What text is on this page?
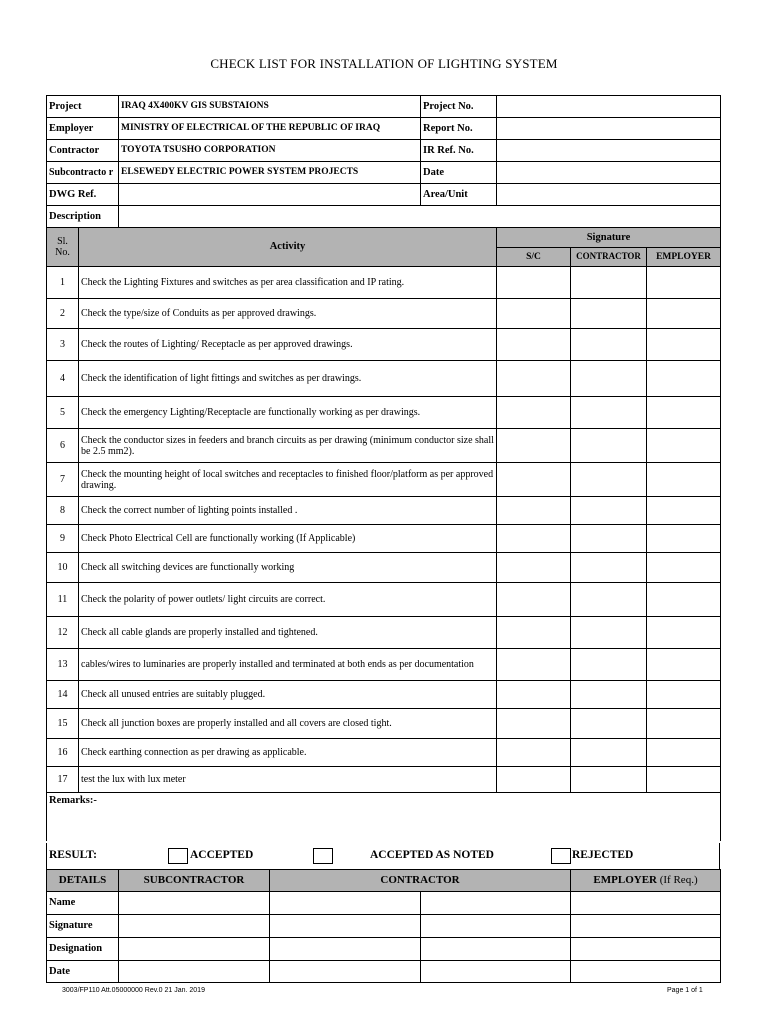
CHECK LIST FOR INSTALLATION OF LIGHTING SYSTEM
Project	IRAQ 4X400KV GIS SUBSTAIONS	Project No.	
Employer	MINISTRY OF ELECTRICAL OF THE REPUBLIC OF IRAQ	Report No.	
Contractor	TOYOTA TSUSHO CORPORATION	IR Ref. No.	
Subcontracto r	ELSEWEDY ELECTRIC POWER SYSTEM PROJECTS	Date	
DWG Ref.		Area/Unit	
Description			
Sl. No.	Activity	Signature		
		S/C	CONTRACTOR	EMPLOYER
1	Check the Lighting Fixtures and switches as per area classification and IP rating.			
2	Check the type/size of Conduits as per approved drawings.			
3	Check the routes of Lighting/ Receptacle as per approved drawings.			
4	Check the identification of light fittings and switches as per drawings.			
5	Check the emergency Lighting/Receptacle are functionally working as per drawings.			
6	Check the conductor sizes in feeders and branch circuits as per drawing (minimum conductor size shall be 2.5 mm2).			
7	Check the mounting height of local switches and receptacles to finished floor/platform as per approved drawing.			
8	Check the correct number of lighting points installed .			
9	Check Photo Electrical Cell are functionally working (If Applicable)			
10	Check all switching devices are functionally working			
11	Check the polarity of power outlets/ light circuits are correct.			
12	Check all cable glands are properly installed and tightened.			
13	cables/wires to luminaries are properly installed and terminated at both ends as per documentation			
14	Check all unused entries are suitably plugged.			
15	Check all junction boxes are properly installed and all covers are closed tight.			
16	Check earthing connection as per drawing as applicable.			
17	test the lux with lux meter			
Remarks:-				
RESULT:	ACCEPTED	ACCEPTED AS NOTED	REJECTED
DETAILS	SUBCONTRACTOR	CONTRACTOR		EMPLOYER (If Req.)
Name				
Signature				
Designation				
Date				
3003/FP110 Att.05000000 Rev.0 21 Jan. 2019	Page 1 of 1
